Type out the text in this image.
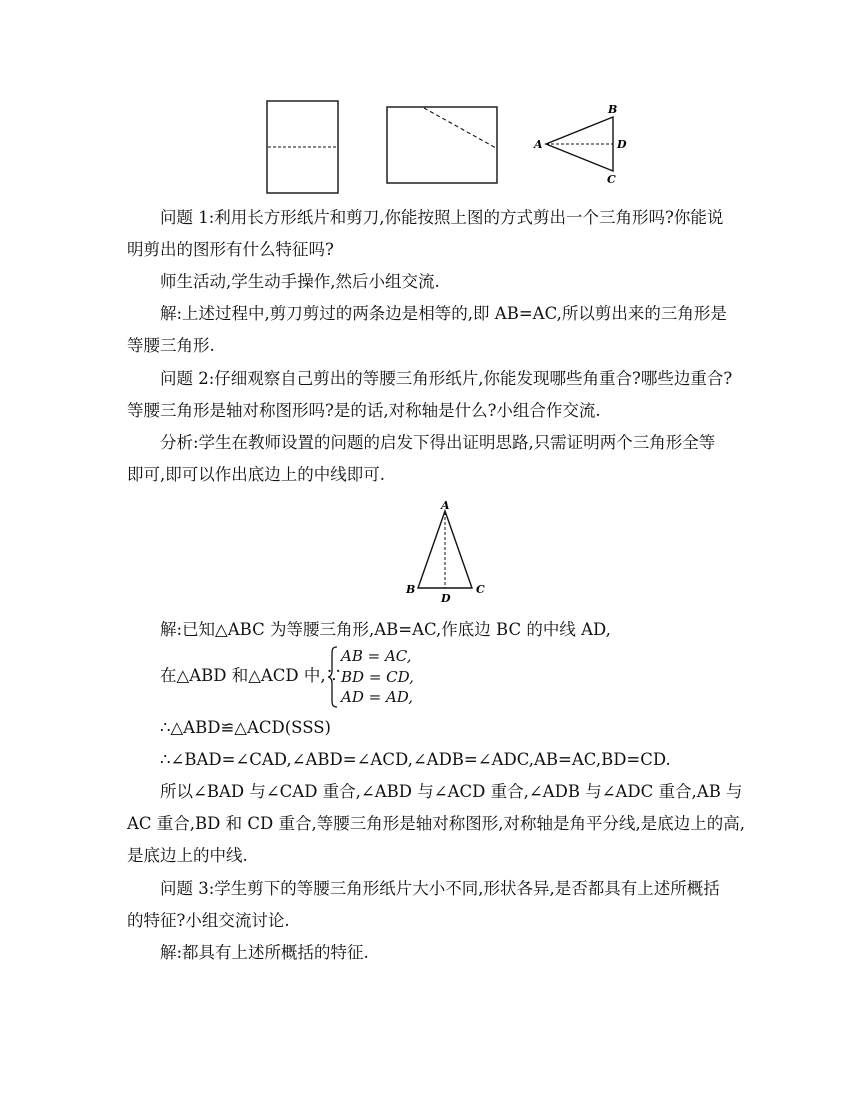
A
B
D
C
问题 1:利用长方形纸片和剪刀,你能按照上图的方式剪出一个三角形吗?你能说
明剪出的图形有什么特征吗?
师生活动,学生动手操作,然后小组交流.
解:上述过程中,剪刀剪过的两条边是相等的,即 AB=AC,所以剪出来的三角形是
等腰三角形.
问题 2:仔细观察自己剪出的等腰三角形纸片,你能发现哪些角重合?哪些边重合?
等腰三角形是轴对称图形吗?是的话,对称轴是什么?小组合作交流.
分析:学生在教师设置的问题的启发下得出证明思路,只需证明两个三角形全等
即可,即可以作出底边上的中线即可.
A
B	C
D
解:已知△ABC 为等腰三角形,AB=AC,作底边 BC 的中线 AD,
在△ABD 和△ACD 中,∵
AB = AC,
BD = CD,
AD = AD,
∴△ABD≌△ACD(SSS)
∴∠BAD=∠CAD,∠ABD=∠ACD,∠ADB=∠ADC,AB=AC,BD=CD.
所以∠BAD 与∠CAD 重合,∠ABD 与∠ACD 重合,∠ADB 与∠ADC 重合,AB 与
AC 重合,BD 和 CD 重合,等腰三角形是轴对称图形,对称轴是角平分线,是底边上的高,
是底边上的中线.
问题 3:学生剪下的等腰三角形纸片大小不同,形状各异,是否都具有上述所概括
的特征?小组交流讨论.
解:都具有上述所概括的特征.
